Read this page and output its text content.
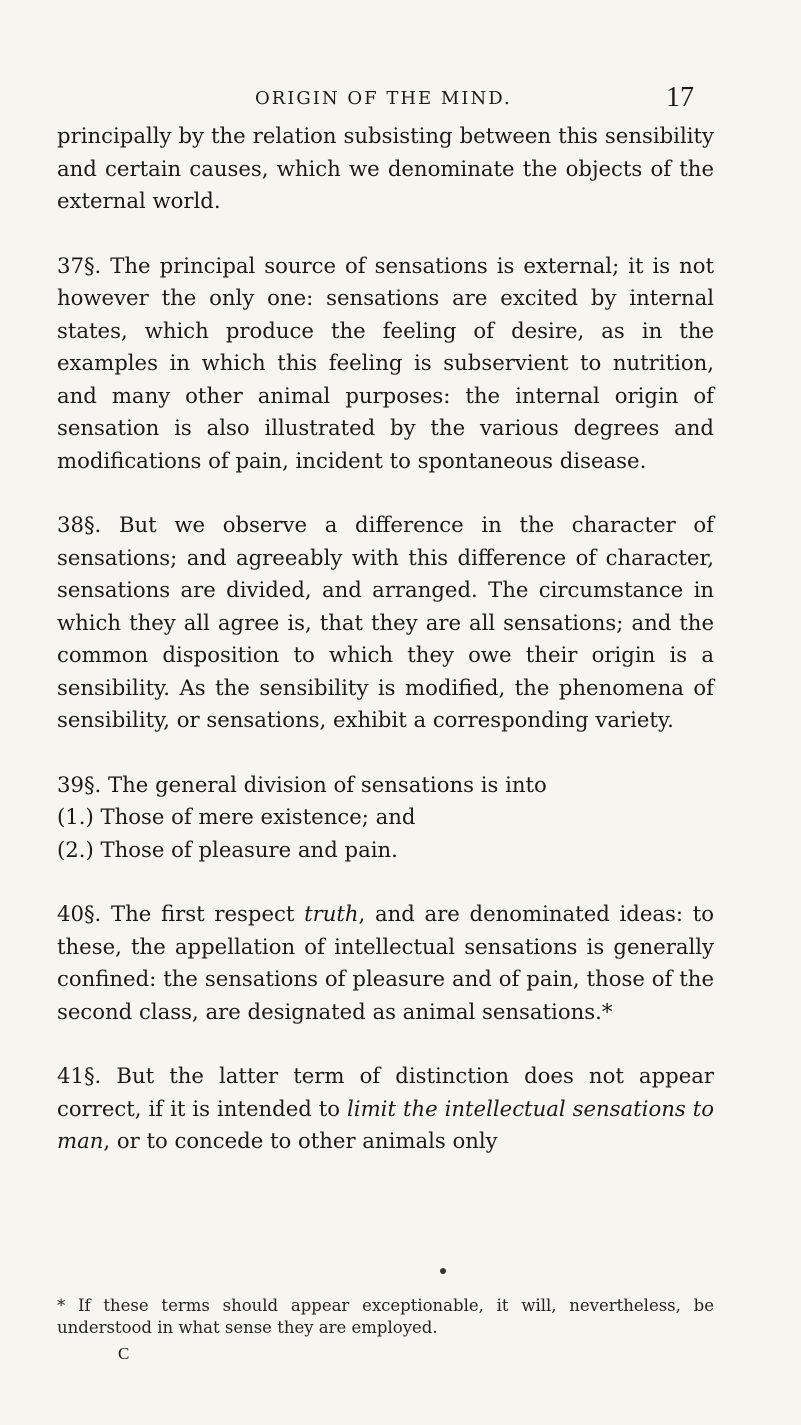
ORIGIN OF THE MIND.	17

principally by the relation subsisting between this sensibility and certain causes, which we denominate the objects of the external world.

37§. The principal source of sensations is external; it is not however the only one: sensations are excited by internal states, which produce the feeling of desire, as in the examples in which this feeling is subservient to nutrition, and many other animal purposes: the internal origin of sensation is also illustrated by the various degrees and modifications of pain, incident to spontaneous disease.

38§. But we observe a difference in the character of sensations; and agreeably with this difference of character, sensations are divided, and arranged. The circumstance in which they all agree is, that they are all sensations; and the common disposition to which they owe their origin is a sensibility. As the sensibility is modified, the phenomena of sensibility, or sensations, exhibit a corresponding variety.

39§. The general division of sensations is into
(1.) Those of mere existence; and
(2.) Those of pleasure and pain.

40§. The first respect truth, and are denominated ideas: to these, the appellation of intellectual sensations is generally confined: the sensations of pleasure and of pain, those of the second class, are designated as animal sensations.*

41§. But the latter term of distinction does not appear correct, if it is intended to limit the intellectual sensations to man, or to concede to other animals only

* If these terms should appear exceptionable, it will, nevertheless, be understood in what sense they are employed.
C
